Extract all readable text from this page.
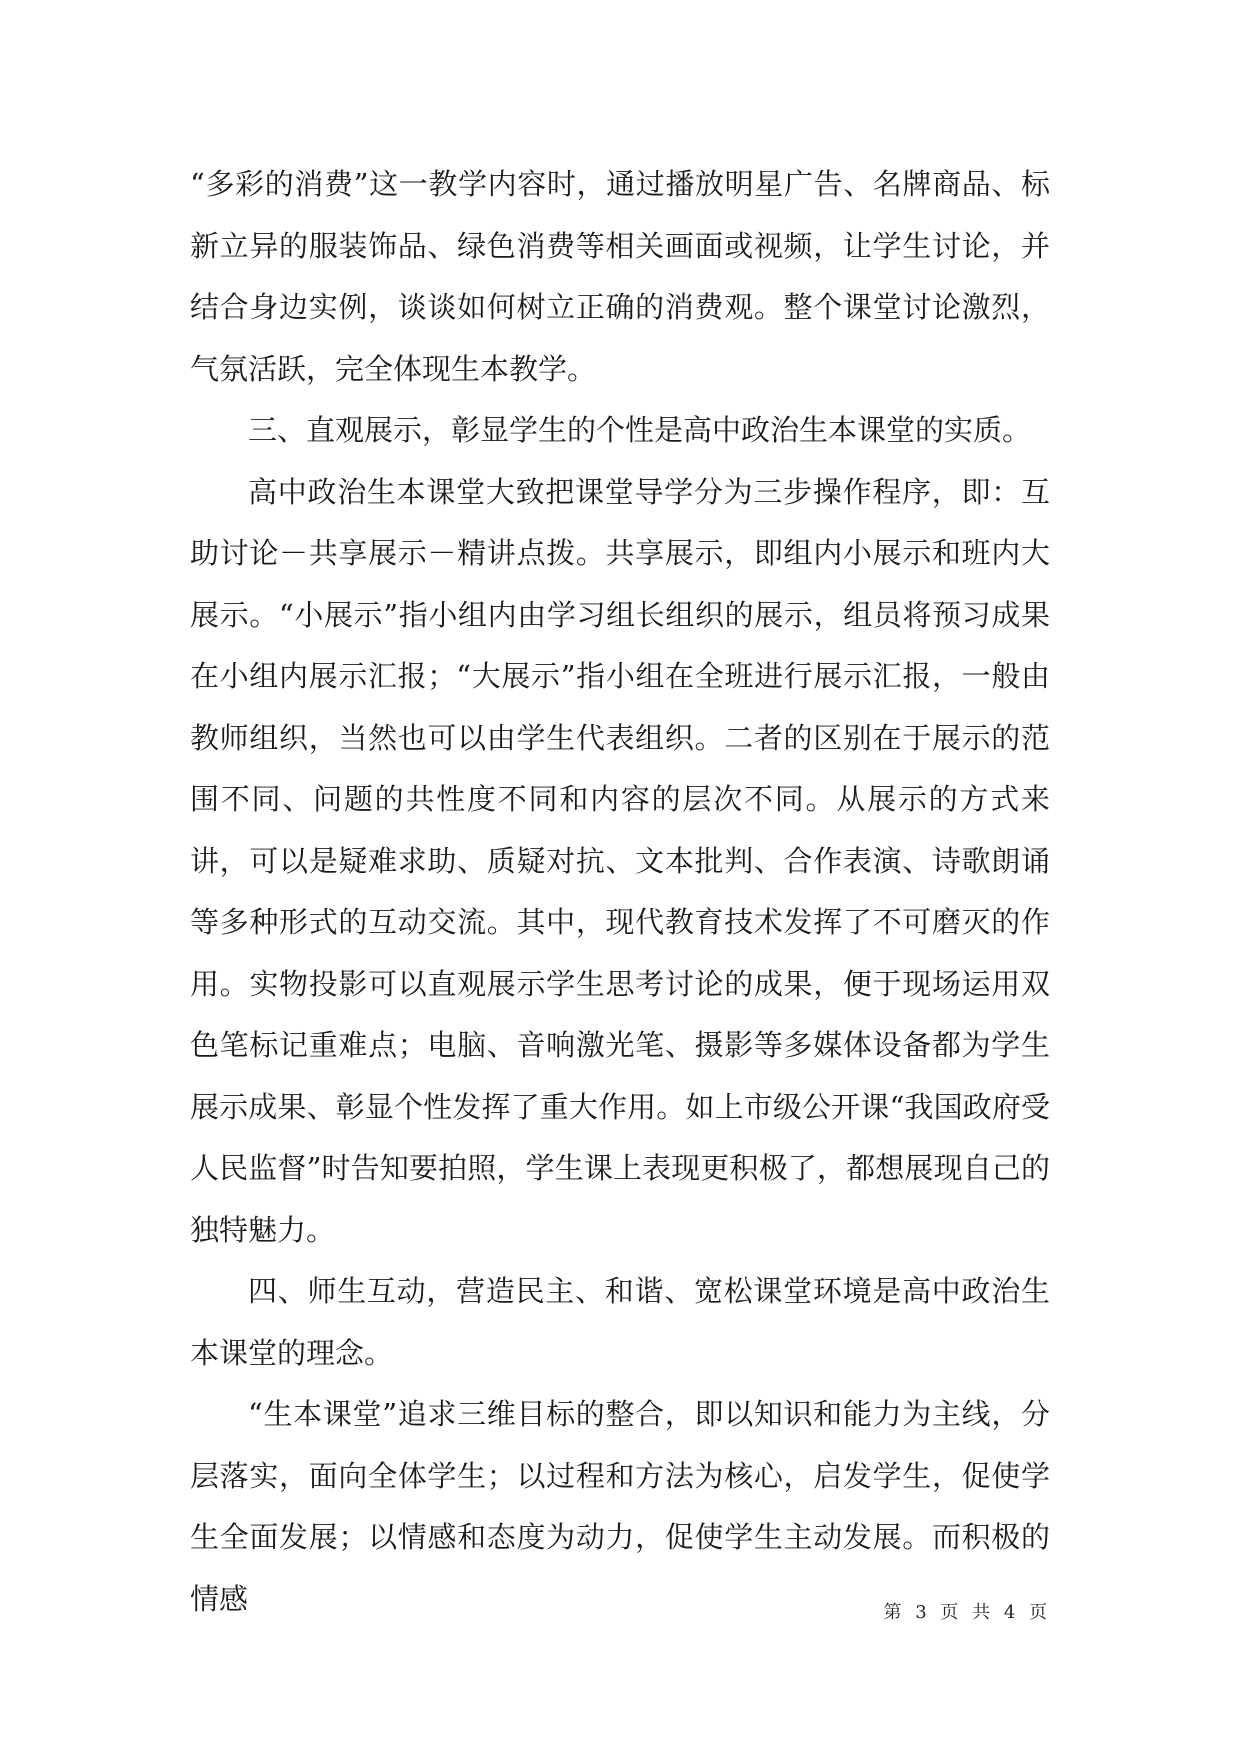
“多彩的消费”这一教学内容时，通过播放明星广告、名牌商品、标新立异的服装饰品、绿色消费等相关画面或视频，让学生讨论，并结合身边实例，谈谈如何树立正确的消费观。整个课堂讨论激烈，气氛活跃，完全体现生本教学。

三、直观展示，彰显学生的个性是高中政治生本课堂的实质。

高中政治生本课堂大致把课堂导学分为三步操作程序，即：互助讨论－共享展示－精讲点拨。共享展示，即组内小展示和班内大展示。“小展示”指小组内由学习组长组织的展示，组员将预习成果在小组内展示汇报；“大展示”指小组在全班进行展示汇报，一般由教师组织，当然也可以由学生代表组织。二者的区别在于展示的范围不同、问题的共性度不同和内容的层次不同。从展示的方式来讲，可以是疑难求助、质疑对抗、文本批判、合作表演、诗歌朗诵等多种形式的互动交流。其中，现代教育技术发挥了不可磨灭的作用。实物投影可以直观展示学生思考讨论的成果，便于现场运用双色笔标记重难点；电脑、音响激光笔、摄影等多媒体设备都为学生展示成果、彰显个性发挥了重大作用。如上市级公开课“我国政府受人民监督”时告知要拍照，学生课上表现更积极了，都想展现自己的独特魅力。

四、师生互动，营造民主、和谐、宽松课堂环境是高中政治生本课堂的理念。

“生本课堂”追求三维目标的整合，即以知识和能力为主线，分层落实，面向全体学生；以过程和方法为核心，启发学生，促使学生全面发展；以情感和态度为动力，促使学生主动发展。而积极的情感	第 3 页 共 4 页
